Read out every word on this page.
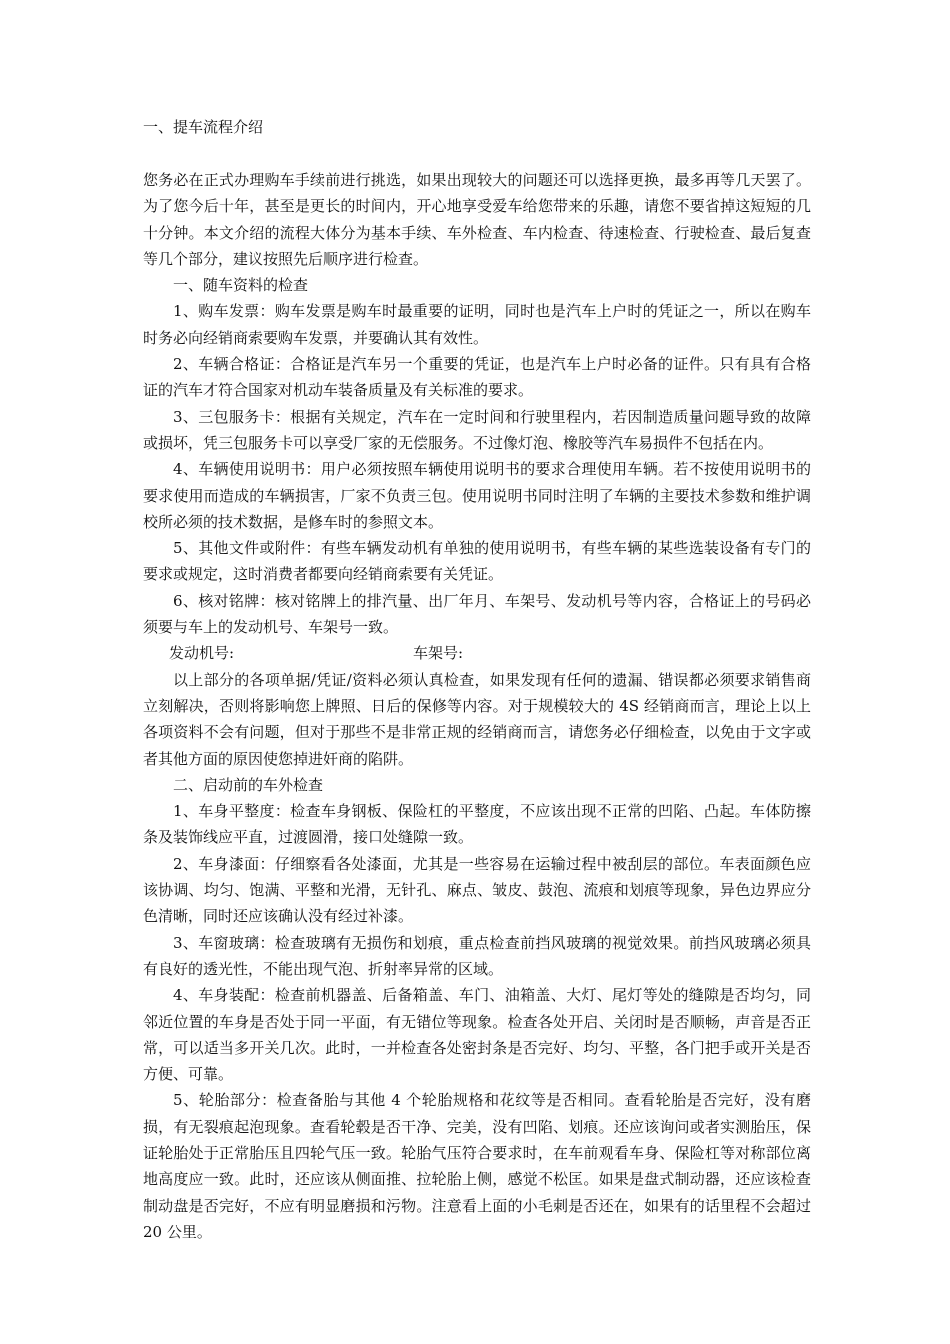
一、提车流程介绍

您务必在正式办理购车手续前进行挑选，如果出现较大的问题还可以选择更换，最多再等几天罢了。为了您今后十年，甚至是更长的时间内，开心地享受爱车给您带来的乐趣，请您不要省掉这短短的几十分钟。本文介绍的流程大体分为基本手续、车外检查、车内检查、待速检查、行驶检查、最后复查等几个部分，建议按照先后顺序进行检查。

一、随车资料的检查

1、购车发票：购车发票是购车时最重要的证明，同时也是汽车上户时的凭证之一，所以在购车时务必向经销商索要购车发票，并要确认其有效性。

2、车辆合格证：合格证是汽车另一个重要的凭证，也是汽车上户时必备的证件。只有具有合格证的汽车才符合国家对机动车装备质量及有关标准的要求。

3、三包服务卡：根据有关规定，汽车在一定时间和行驶里程内，若因制造质量问题导致的故障或损坏，凭三包服务卡可以享受厂家的无偿服务。不过像灯泡、橡胶等汽车易损件不包括在内。

4、车辆使用说明书：用户必须按照车辆使用说明书的要求合理使用车辆。若不按使用说明书的要求使用而造成的车辆损害，厂家不负责三包。使用说明书同时注明了车辆的主要技术参数和维护调校所必须的技术数据，是修车时的参照文本。

5、其他文件或附件：有些车辆发动机有单独的使用说明书，有些车辆的某些选装设备有专门的要求或规定，这时消费者都要向经销商索要有关凭证。

6、核对铭牌：核对铭牌上的排汽量、出厂年月、车架号、发动机号等内容，合格证上的号码必须要与车上的发动机号、车架号一致。

发动机号:	车架号:

以上部分的各项单据/凭证/资料必须认真检查，如果发现有任何的遗漏、错误都必须要求销售商立刻解决，否则将影响您上牌照、日后的保修等内容。对于规模较大的 4S 经销商而言，理论上以上各项资料不会有问题，但对于那些不是非常正规的经销商而言，请您务必仔细检查，以免由于文字或者其他方面的原因使您掉进奸商的陷阱。

二、启动前的车外检查

1、车身平整度：检查车身钢板、保险杠的平整度，不应该出现不正常的凹陷、凸起。车体防擦条及装饰线应平直，过渡圆滑，接口处缝隙一致。

2、车身漆面：仔细察看各处漆面，尤其是一些容易在运输过程中被刮层的部位。车表面颜色应该协调、均匀、饱满、平整和光滑，无针孔、麻点、皱皮、鼓泡、流痕和划痕等现象，异色边界应分色清晰，同时还应该确认没有经过补漆。

3、车窗玻璃：检查玻璃有无损伤和划痕，重点检查前挡风玻璃的视觉效果。前挡风玻璃必须具有良好的透光性，不能出现气泡、折射率异常的区域。

4、车身装配：检查前机器盖、后备箱盖、车门、油箱盖、大灯、尾灯等处的缝隙是否均匀，同邻近位置的车身是否处于同一平面，有无错位等现象。检查各处开启、关闭时是否顺畅，声音是否正常，可以适当多开关几次。此时，一并检查各处密封条是否完好、均匀、平整，各门把手或开关是否方便、可靠。

5、轮胎部分：检查备胎与其他 4 个轮胎规格和花纹等是否相同。查看轮胎是否完好，没有磨损，有无裂痕起泡现象。查看轮毂是否干净、完美，没有凹陷、划痕。还应该询问或者实测胎压，保证轮胎处于正常胎压且四轮气压一致。轮胎气压符合要求时，在车前观看车身、保险杠等对称部位离地高度应一致。此时，还应该从侧面推、拉轮胎上侧，感觉不松匡。如果是盘式制动器，还应该检查制动盘是否完好，不应有明显磨损和污物。注意看上面的小毛刺是否还在，如果有的话里程不会超过 20 公里。
